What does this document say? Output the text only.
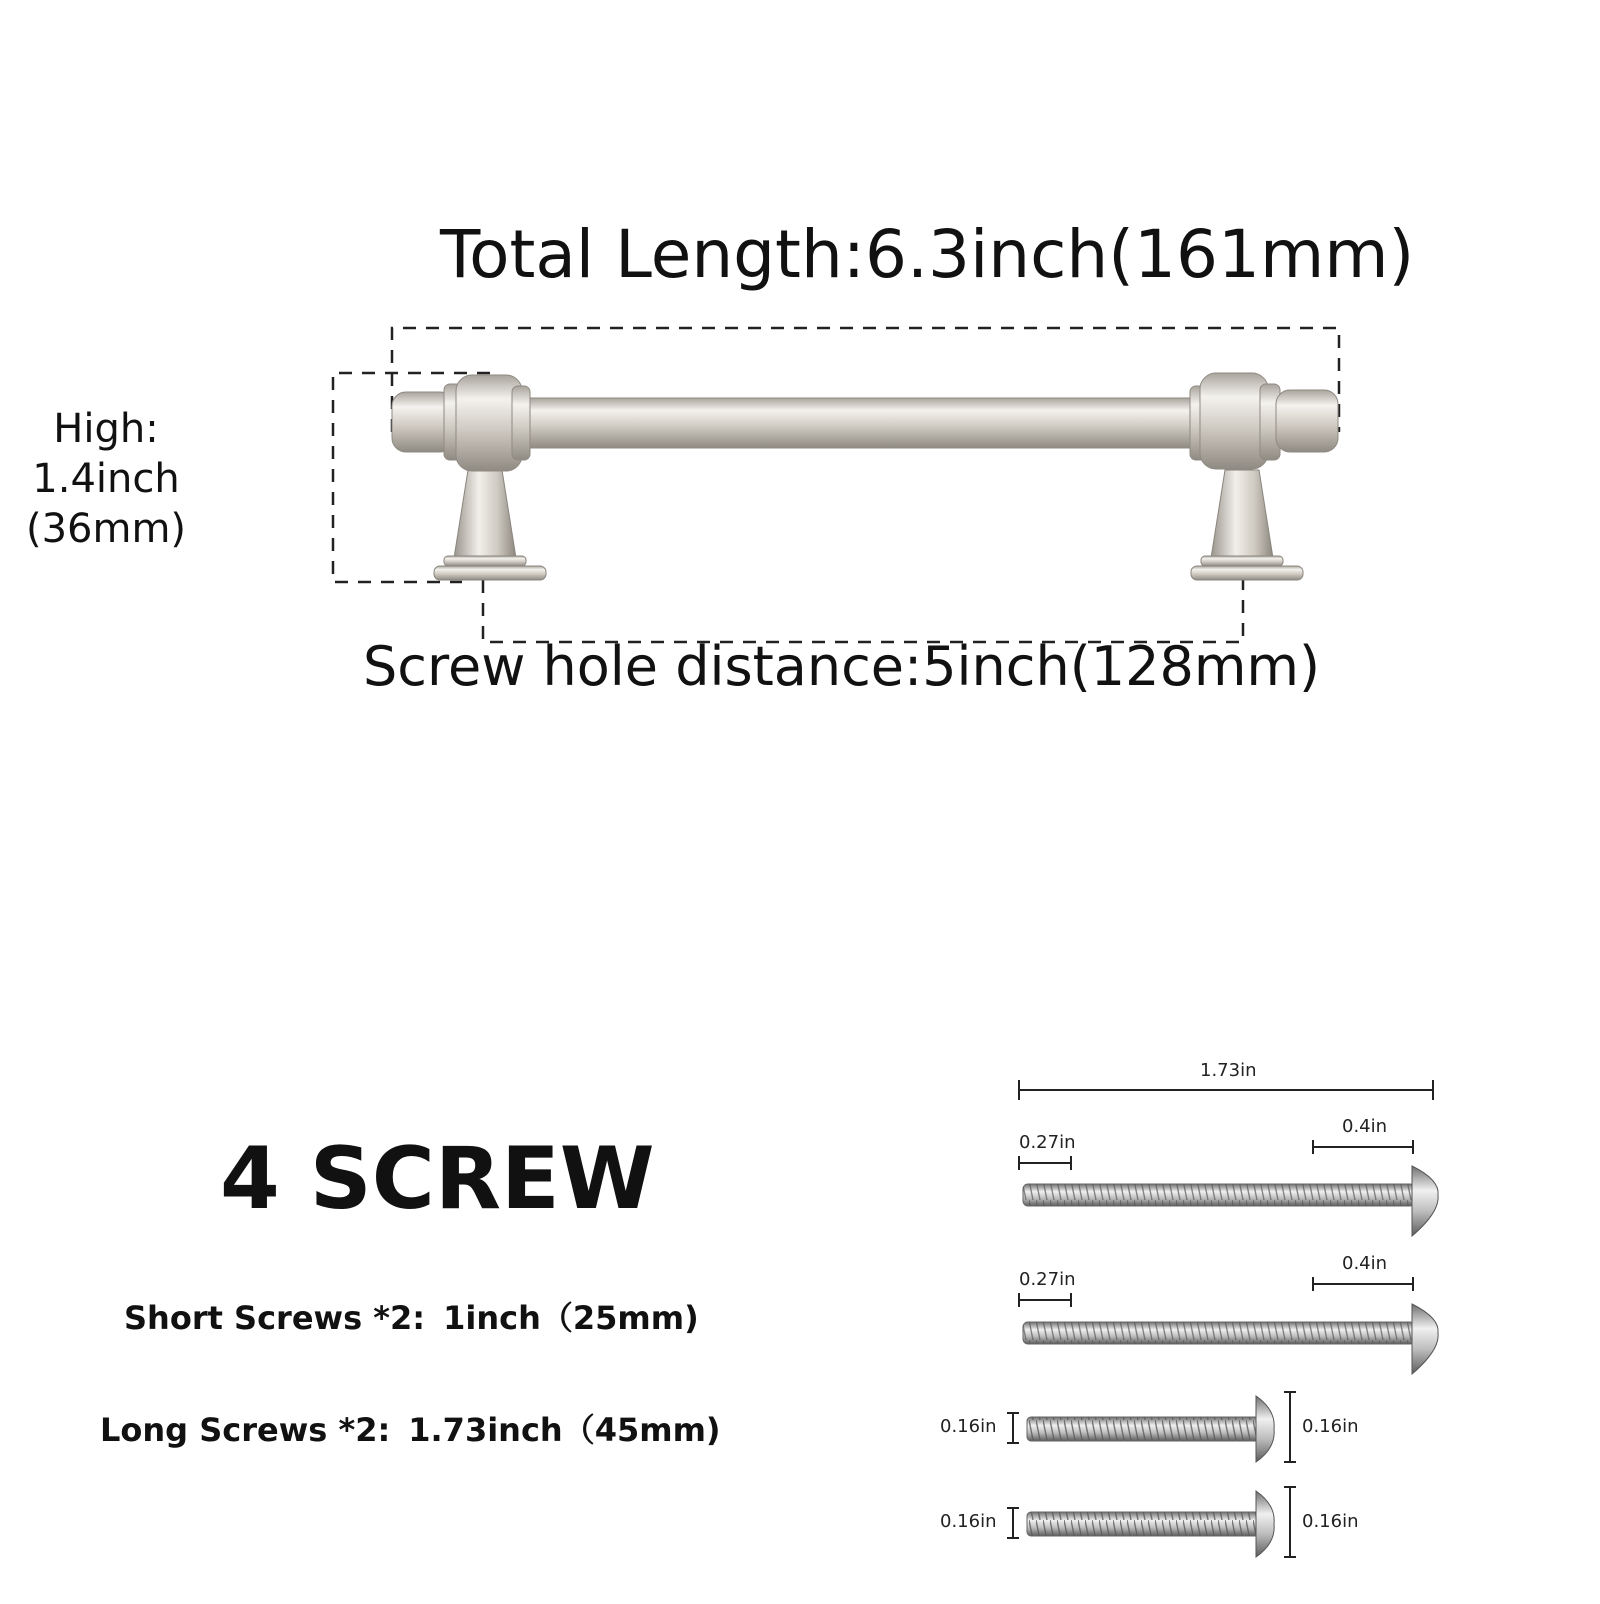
Total Length:6.3inch(161mm)
Screw hole distance:5inch(128mm)
High:
1.4inch
(36mm)
4 SCREW
Short Screws *2: 1inch（25mm)
Long Screws *2: 1.73inch（45mm)
1.73in
0.27in
0.4in
0.27in
0.4in
0.16in	0.16in
0.16in	0.16in
